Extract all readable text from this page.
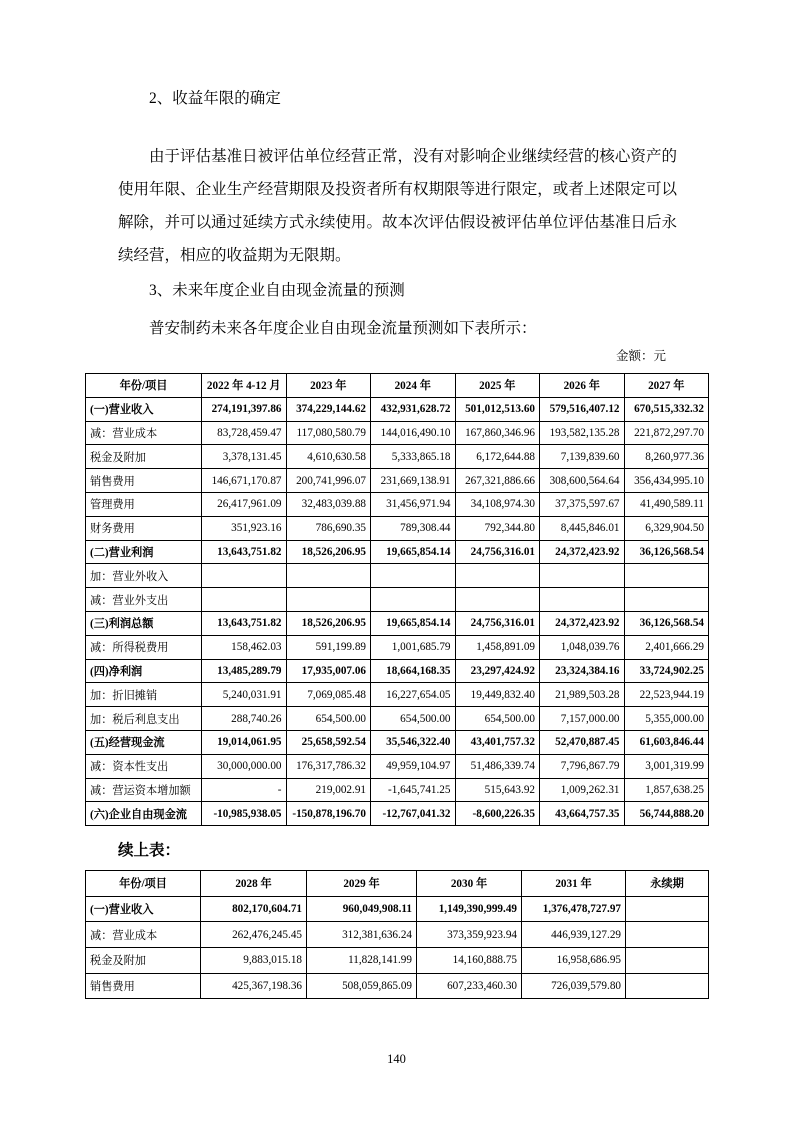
2、收益年限的确定
由于评估基准日被评估单位经营正常，没有对影响企业继续经营的核心资产的使用年限、企业生产经营期限及投资者所有权期限等进行限定，或者上述限定可以解除，并可以通过延续方式永续使用。故本次评估假设被评估单位评估基准日后永续经营，相应的收益期为无限期。
3、未来年度企业自由现金流量的预测
普安制药未来各年度企业自由现金流量预测如下表所示：
金额：元
年份/项目	2022 年 4-12 月	2023 年	2024 年	2025 年	2026 年	2027 年
(一)营业收入	274,191,397.86	374,229,144.62	432,931,628.72	501,012,513.60	579,516,407.12	670,515,332.32
减：营业成本	83,728,459.47	117,080,580.79	144,016,490.10	167,860,346.96	193,582,135.28	221,872,297.70
税金及附加	3,378,131.45	4,610,630.58	5,333,865.18	6,172,644.88	7,139,839.60	8,260,977.36
销售费用	146,671,170.87	200,741,996.07	231,669,138.91	267,321,886.66	308,600,564.64	356,434,995.10
管理费用	26,417,961.09	32,483,039.88	31,456,971.94	34,108,974.30	37,375,597.67	41,490,589.11
财务费用	351,923.16	786,690.35	789,308.44	792,344.80	8,445,846.01	6,329,904.50
(二)营业利润	13,643,751.82	18,526,206.95	19,665,854.14	24,756,316.01	24,372,423.92	36,126,568.54
加：营业外收入						
减：营业外支出						
(三)利润总额	13,643,751.82	18,526,206.95	19,665,854.14	24,756,316.01	24,372,423.92	36,126,568.54
减：所得税费用	158,462.03	591,199.89	1,001,685.79	1,458,891.09	1,048,039.76	2,401,666.29
(四)净利润	13,485,289.79	17,935,007.06	18,664,168.35	23,297,424.92	23,324,384.16	33,724,902.25
加：折旧摊销	5,240,031.91	7,069,085.48	16,227,654.05	19,449,832.40	21,989,503.28	22,523,944.19
加：税后利息支出	288,740.26	654,500.00	654,500.00	654,500.00	7,157,000.00	5,355,000.00
(五)经营现金流	19,014,061.95	25,658,592.54	35,546,322.40	43,401,757.32	52,470,887.45	61,603,846.44
减：资本性支出	30,000,000.00	176,317,786.32	49,959,104.97	51,486,339.74	7,796,867.79	3,001,319.99
减：营运资本增加额	-	219,002.91	-1,645,741.25	515,643.92	1,009,262.31	1,857,638.25
(六)企业自由现金流	-10,985,938.05	-150,878,196.70	-12,767,041.32	-8,600,226.35	43,664,757.35	56,744,888.20
续上表：
年份/项目	2028 年	2029 年	2030 年	2031 年	永续期
(一)营业收入	802,170,604.71	960,049,908.11	1,149,390,999.49	1,376,478,727.97	
减：营业成本	262,476,245.45	312,381,636.24	373,359,923.94	446,939,127.29	
税金及附加	9,883,015.18	11,828,141.99	14,160,888.75	16,958,686.95	
销售费用	425,367,198.36	508,059,865.09	607,233,460.30	726,039,579.80	
140
